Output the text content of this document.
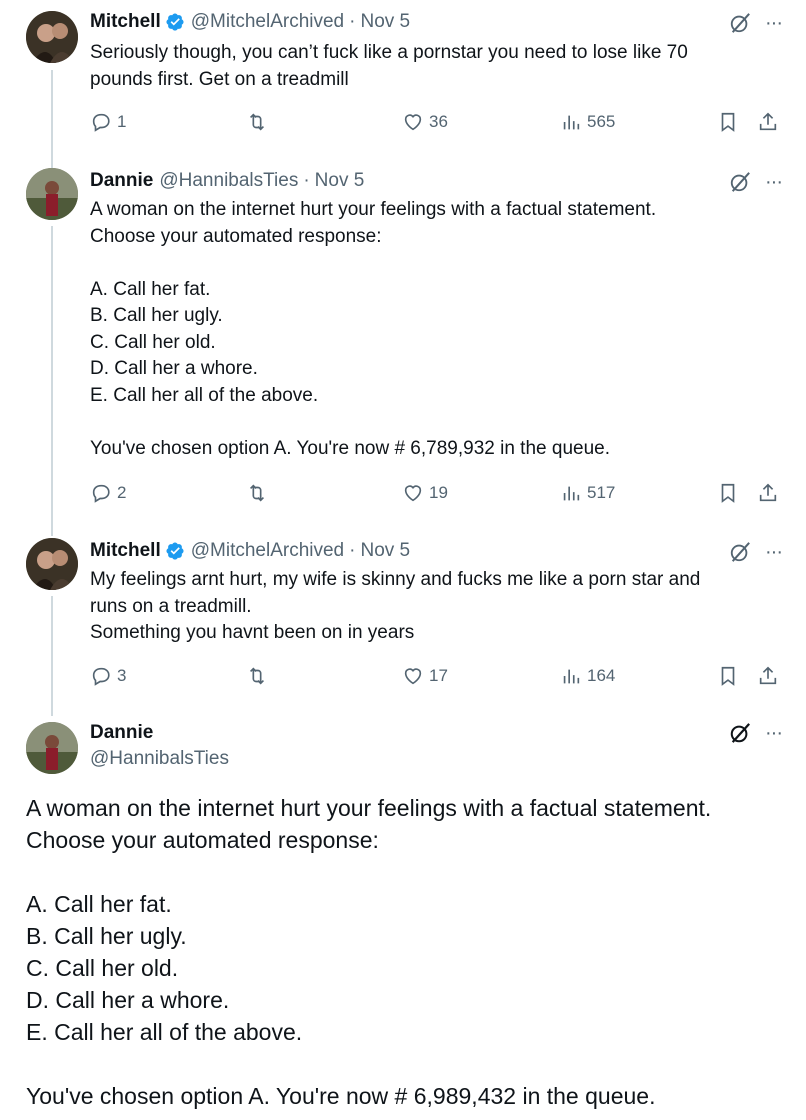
Mitchell @MitchelArchived · Nov 5	···

Seriously though, you can’t fuck like a pornstar you need to lose like 70

pounds first. Get on a treadmill

1	36	565
Dannie @HannibalsTies · Nov 5	···

A woman on the internet hurt your feelings with a factual statement.

Choose your automated response:

A. Call her fat.

B. Call her ugly.

C. Call her old.

D. Call her a whore.

E. Call her all of the above.

You've chosen option A. You're now # 6,789,932 in the queue.

2	19	517
Mitchell @MitchelArchived · Nov 5	···

My feelings arnt hurt, my wife is skinny and fucks me like a porn star and

runs on a treadmill.

Something you havnt been on in years

3	17	164
Dannie
@HannibalsTies
···

A woman on the internet hurt your feelings with a factual statement.

Choose your automated response:

A. Call her fat.

B. Call her ugly.

C. Call her old.

D. Call her a whore.

E. Call her all of the above.

You've chosen option A. You're now # 6,989,432 in the queue.
